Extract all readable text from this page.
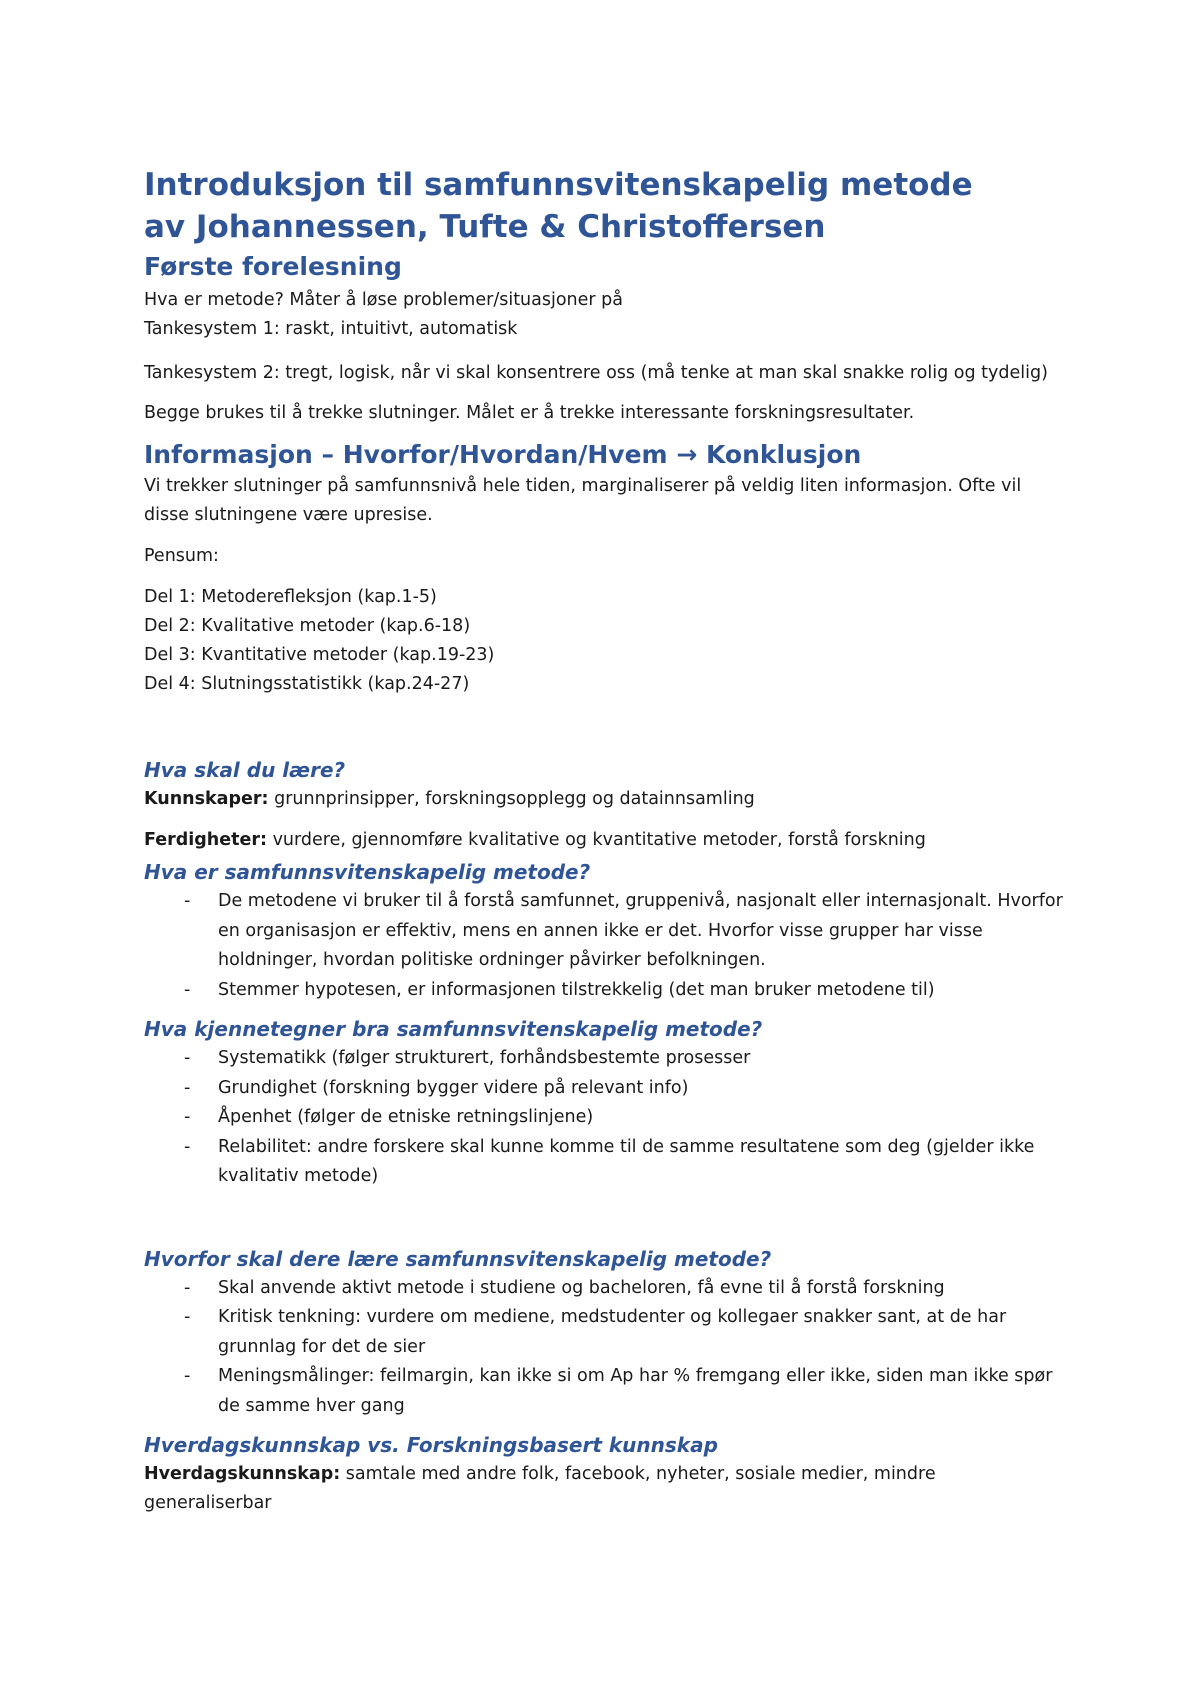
Introduksjon til samfunnsvitenskapelig metode
av Johannessen, Tufte & Christoffersen
Første forelesning

Hva er metode? Måter å løse problemer/situasjoner på

Tankesystem 1: raskt, intuitivt, automatisk

Tankesystem 2: tregt, logisk, når vi skal konsentrere oss (må tenke at man skal snakke rolig og tydelig)

Begge brukes til å trekke slutninger. Målet er å trekke interessante forskningsresultater.

Informasjon – Hvorfor/Hvordan/Hvem → Konklusjon

Vi trekker slutninger på samfunnsnivå hele tiden, marginaliserer på veldig liten informasjon. Ofte vil disse slutningene være upresise.

Pensum:

Del 1: Metoderefleksjon (kap.1-5)

Del 2: Kvalitative metoder (kap.6-18)

Del 3: Kvantitative metoder (kap.19-23)

Del 4: Slutningsstatistikk (kap.24-27)

Hva skal du lære?

Kunnskaper: grunnprinsipper, forskningsopplegg og datainnsamling

Ferdigheter: vurdere, gjennomføre kvalitative og kvantitative metoder, forstå forskning

Hva er samfunnsvitenskapelig metode?
- De metodene vi bruker til å forstå samfunnet, gruppenivå, nasjonalt eller internasjonalt. Hvorfor en organisasjon er effektiv, mens en annen ikke er det. Hvorfor visse grupper har visse holdninger, hvordan politiske ordninger påvirker befolkningen.
- Stemmer hypotesen, er informasjonen tilstrekkelig (det man bruker metodene til)
Hva kjennetegner bra samfunnsvitenskapelig metode?
- Systematikk (følger strukturert, forhåndsbestemte prosesser
- Grundighet (forskning bygger videre på relevant info)
- Åpenhet (følger de etniske retningslinjene)
- Relabilitet: andre forskere skal kunne komme til de samme resultatene som deg (gjelder ikke kvalitativ metode)
Hvorfor skal dere lære samfunnsvitenskapelig metode?
- Skal anvende aktivt metode i studiene og bacheloren, få evne til å forstå forskning
- Kritisk tenkning: vurdere om mediene, medstudenter og kollegaer snakker sant, at de har grunnlag for det de sier
- Meningsmålinger: feilmargin, kan ikke si om Ap har % fremgang eller ikke, siden man ikke spør de samme hver gang
Hverdagskunnskap vs. Forskningsbasert kunnskap

Hverdagskunnskap: samtale med andre folk, facebook, nyheter, sosiale medier, mindre generaliserbar
